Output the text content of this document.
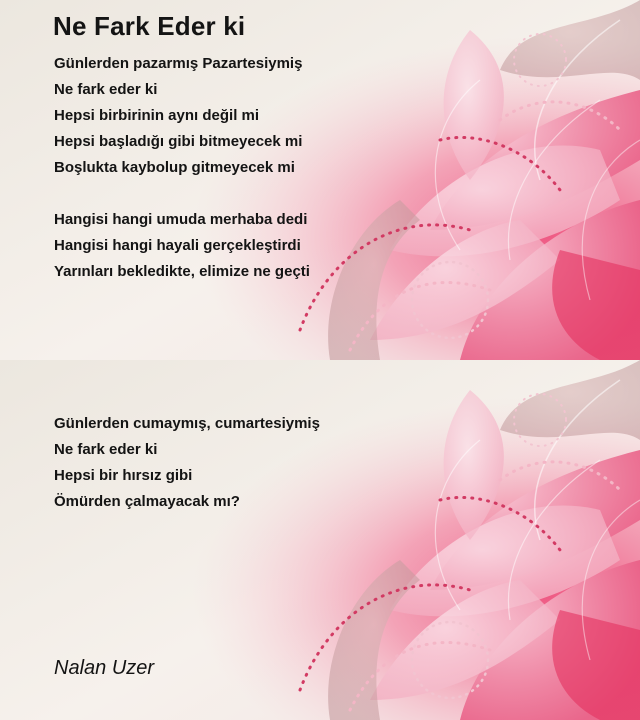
Ne Fark Eder ki
Günlerden pazarmış Pazartesiymiş
Ne fark eder ki
Hepsi birbirinin aynı değil mi
Hepsi başladığı gibi bitmeyecek mi
Boşlukta kaybolup gitmeyecek mi
Hangisi hangi umuda merhaba dedi
Hangisi hangi hayali gerçekleştirdi
Yarınları bekledikte, elimize ne geçti
Günlerden cumaymış, cumartesiymiş
Ne fark eder ki
Hepsi bir hırsız gibi
Ömürden çalmayacak mı?
Nalan Uzer
